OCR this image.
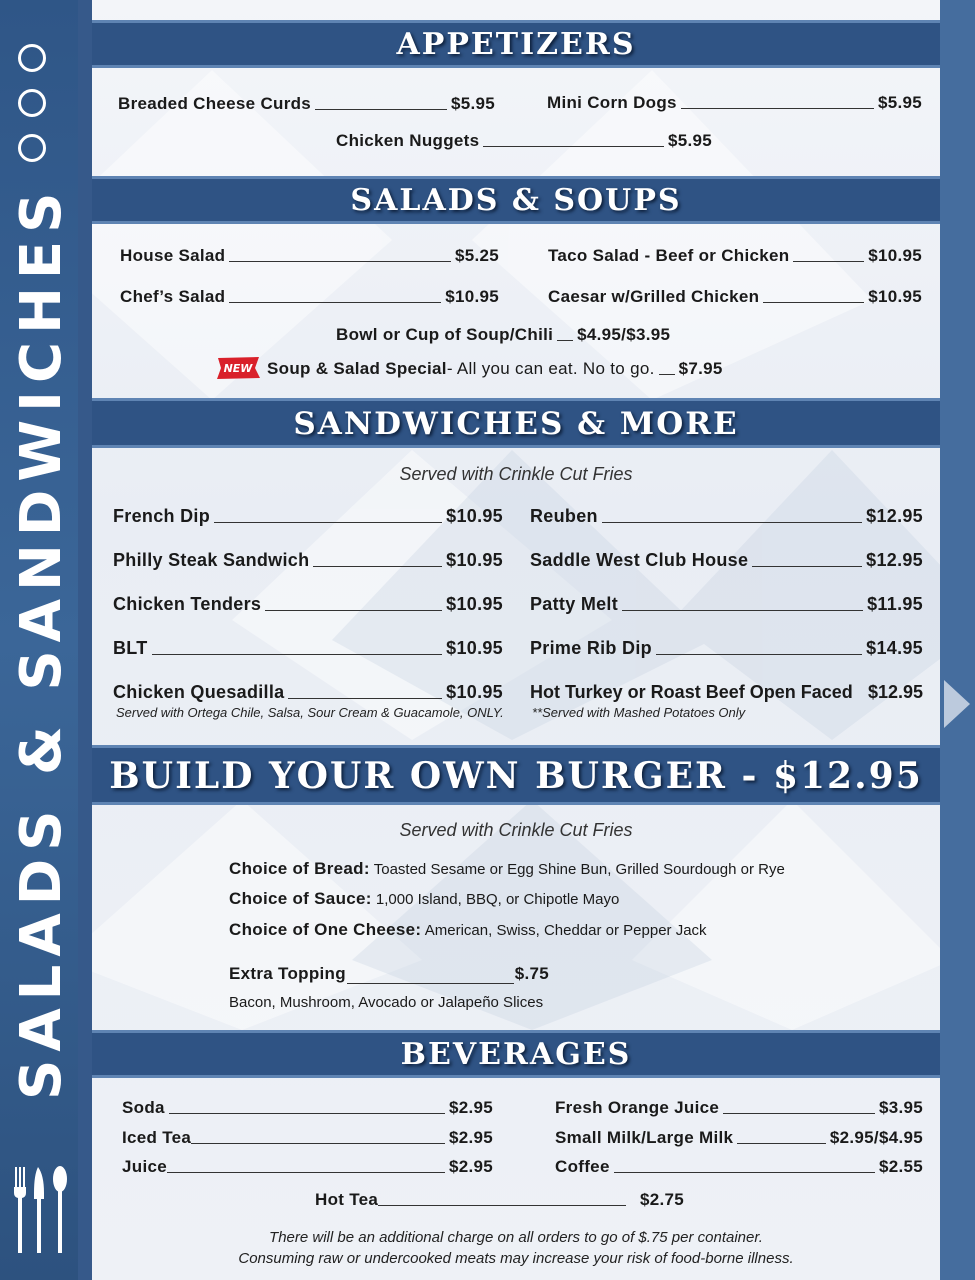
SALADS & SANDWICHES
APPETIZERS
SALADS & SOUPS
SANDWICHES & MORE
BUILD YOUR OWN BURGER - $12.95
BEVERAGES
Breaded Cheese Curds	$5.95	Mini Corn Dogs	$5.95
Chicken Nuggets	$5.95
House Salad	$5.25	Taco Salad - Beef or Chicken	$10.95
Chef’s Salad	$10.95	Caesar w/Grilled Chicken	$10.95
Bowl or Cup of Soup/Chili $4.95/$3.95
NEW Soup & Salad Special - All you can eat. No to go. $7.95
Served with Crinkle Cut Fries
French Dip	$10.95 Reuben	$12.95
Philly Steak Sandwich	$10.95 Saddle West Club House	$12.95
Chicken Tenders	$10.95 Patty Melt	$11.95
BLT	$10.95 Prime Rib Dip	$14.95
Chicken Quesadilla	$10.95 Hot Turkey or Roast Beef Open Faced $12.95
Served with Ortega Chile, Salsa, Sour Cream & Guacamole, ONLY. **Served with Mashed Potatoes Only
Served with Crinkle Cut Fries
Choice of Bread: Toasted Sesame or Egg Shine Bun, Grilled Sourdough or Rye
Choice of Sauce: 1,000 Island, BBQ, or Chipotle Mayo
Choice of One Cheese: American, Swiss, Cheddar or Pepper Jack
Extra Topping	$.75
Bacon, Mushroom, Avocado or Jalapeño Slices
Soda	$2.95	Fresh Orange Juice	$3.95
Iced Tea	$2.95	Small Milk/Large Milk	$2.95/$4.95
Juice	$2.95	Coffee	$2.55
Hot Tea	$2.75
There will be an additional charge on all orders to go of $.75 per container.
Consuming raw or undercooked meats may increase your risk of food-borne illness.
